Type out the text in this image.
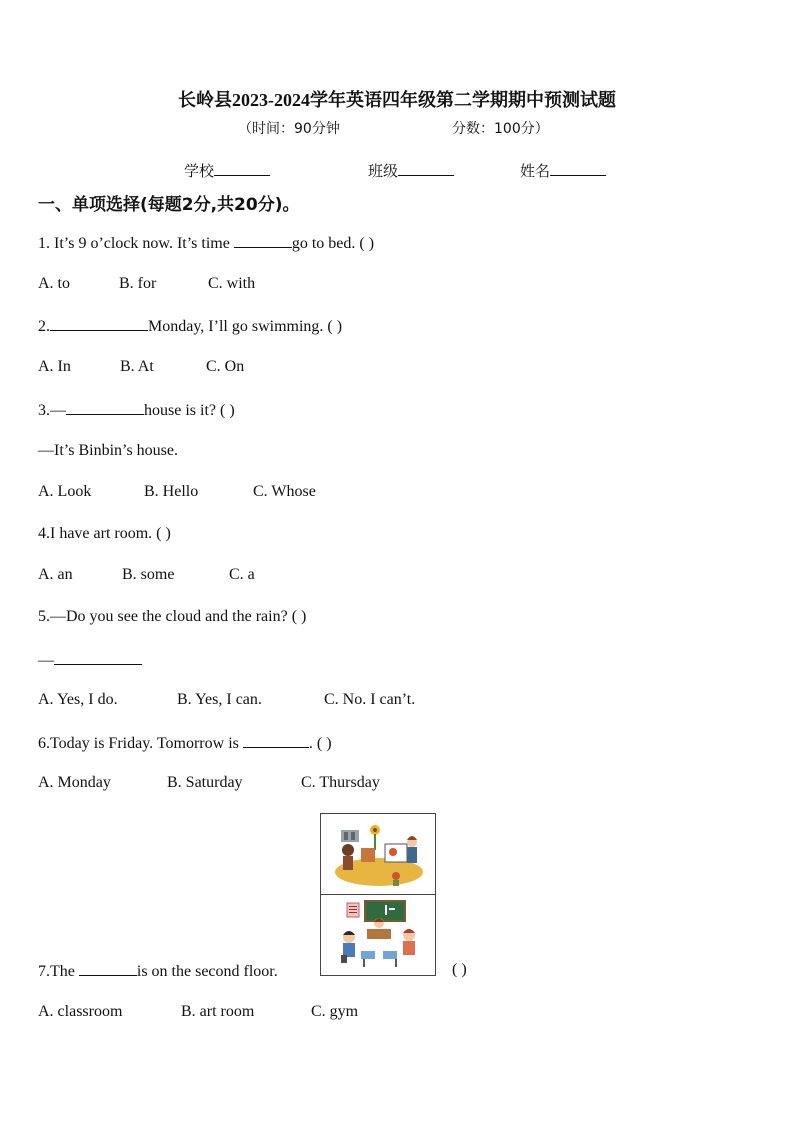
长岭县2023-2024学年英语四年级第二学期期中预测试题
（时间：90分钟	分数：100分）
学校	班级	姓名
一、单项选择(每题2分,共20分)。
1. It’s 9 o’clock now. It’s time	go to bed. ( )
A. to	B. for	C. with
2.	Monday, I’ll go swimming. ( )
A. In	B. At	C. On
3.—	house is it? ( )
—It’s Binbin’s house.
A. Look	B. Hello	C. Whose
4.I have art room. ( )
A. an	B. some	C. a
5.—Do you see the cloud and the rain? ( )
—
A. Yes, I do.	B. Yes, I can.	C. No. I can’t.
6.Today is Friday. Tomorrow is	. ( )
A. Monday	B. Saturday	C. Thursday
7.The	is on the second floor.	( )
A. classroom	B. art room	C. gym
